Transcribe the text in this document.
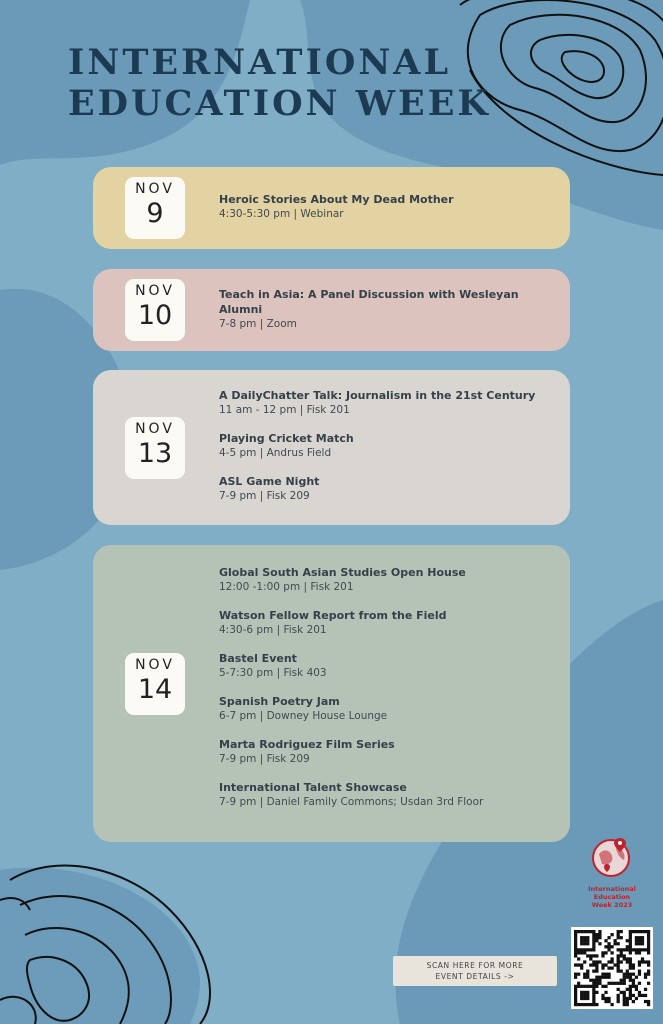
INTERNATIONAL
EDUCATION WEEK
NOV
9	Heroic Stories About My Dead Mother
4:30-5:30 pm | Webinar
NOV
10
Teach in Asia: A Panel Discussion with Wesleyan Alumni
7-8 pm | Zoom
NOV
13
A DailyChatter Talk: Journalism in the 21st Century
11 am - 12 pm | Fisk 201
Playing Cricket Match
4-5 pm | Andrus Field
ASL Game Night
7-9 pm | Fisk 209
NOV
14
Global South Asian Studies Open House
12:00 -1:00 pm | Fisk 201
Watson Fellow Report from the Field
4:30-6 pm | Fisk 201
Bastel Event
5-7:30 pm | Fisk 403
Spanish Poetry Jam
6-7 pm | Downey House Lounge
Marta Rodriguez Film Series
7-9 pm | Fisk 209
International Talent Showcase
7-9 pm | Daniel Family Commons; Usdan 3rd Floor
International
Education
Week 2023
SCAN HERE FOR MORE
EVENT DETAILS ->
